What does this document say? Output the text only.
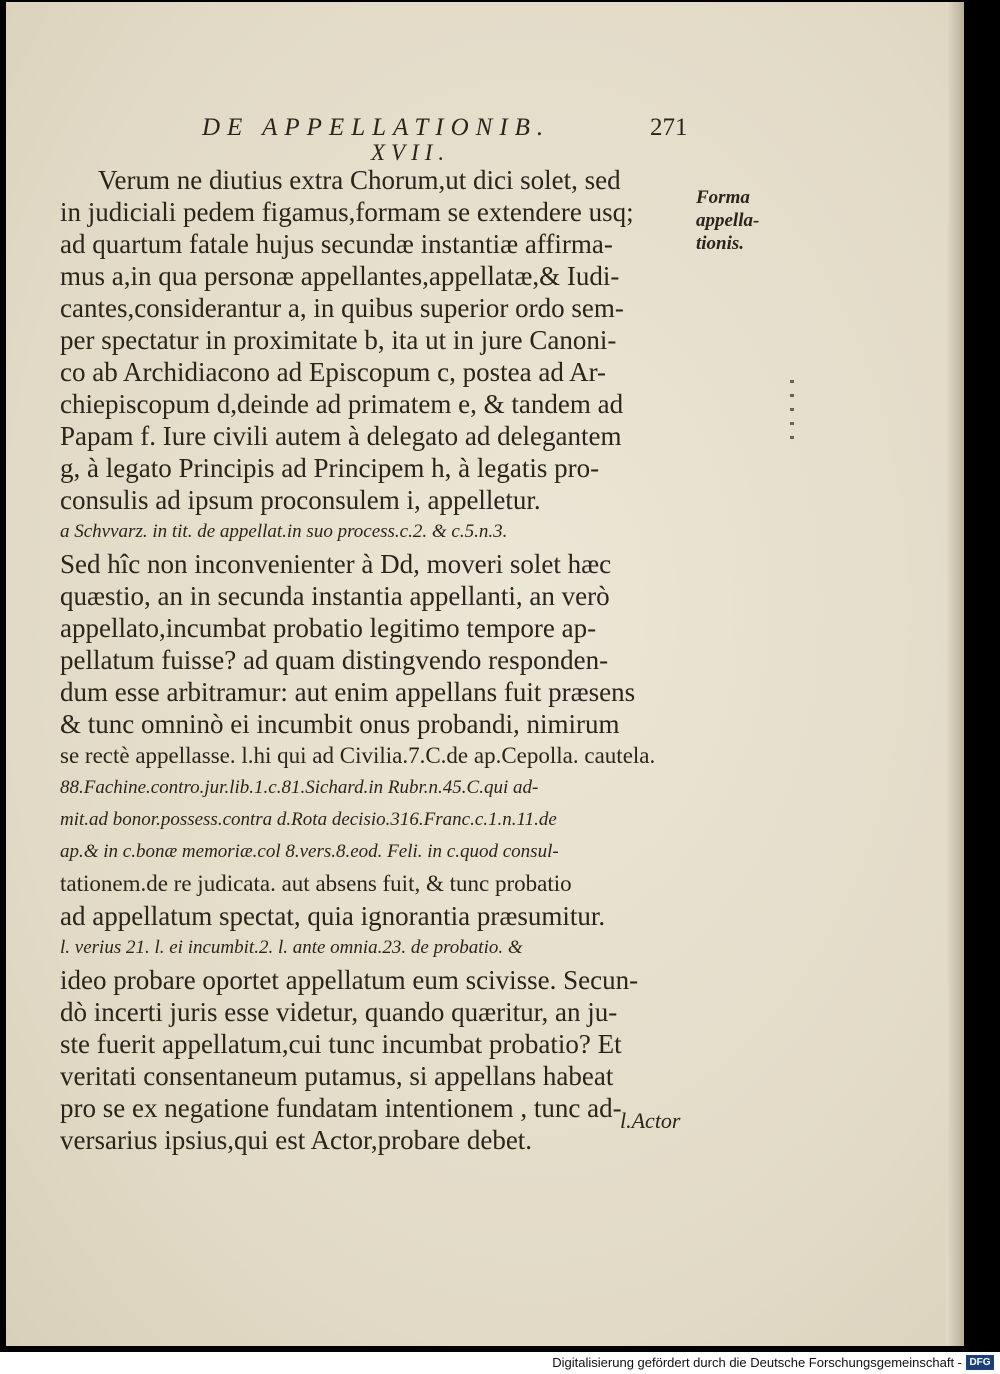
DE APPELLATIONIB.	271
XVII.
Forma
appella-
tionis.
Verum ne diutius extra Chorum,ut dici solet, sed
in judiciali pedem figamus,formam se extendere usq;
ad quartum fatale hujus secundæ instantiæ affirma-
mus a,in qua personæ appellantes,appellatæ,& Iudi-
cantes,considerantur a, in quibus superior ordo sem-
per spectatur in proximitate b, ita ut in jure Canoni-
co ab Archidiacono ad Episcopum c, postea ad Ar-
chiepiscopum d,deinde ad primatem e, & tandem ad
Papam f. Iure civili autem à delegato ad delegantem
g, à legato Principis ad Principem h, à legatis pro-
consulis ad ipsum proconsulem i, appelletur.
a Schvvarz. in tit. de appellat.in suo process.c.2. & c.5.n.3.
Sed hîc non inconvenienter à Dd, moveri solet hæc
quæstio, an in secunda instantia appellanti, an verò
appellato,incumbat probatio legitimo tempore ap-
pellatum fuisse? ad quam distingvendo responden-
dum esse arbitramur: aut enim appellans fuit præsens
& tunc omninò ei incumbit onus probandi, nimirum
se rectè appellasse. l.hi qui ad Civilia.7.C.de ap.Cepolla. cautela.
88.Fachine.contro.jur.lib.1.c.81.Sichard.in Rubr.n.45.C.qui ad-
mit.ad bonor.possess.contra d.Rota decisio.316.Franc.c.1.n.11.de
ap.& in c.bonæ memoriæ.col 8.vers.8.eod. Feli. in c.quod consul-
tationem.de re judicata. aut absens fuit, & tunc probatio
ad appellatum spectat, quia ignorantia præsumitur.
l. verius 21. l. ei incumbit.2. l. ante omnia.23. de probatio. &
ideo probare oportet appellatum eum scivisse. Secun-
dò incerti juris esse videtur, quando quæritur, an ju-
ste fuerit appellatum,cui tunc incumbat probatio? Et
veritati consentaneum putamus, si appellans habeat
pro se ex negatione fundatam intentionem , tunc ad-
versarius ipsius,qui est Actor,probare debet.
l.Actor
Digitalisierung gefördert durch die Deutsche Forschungsgemeinschaft - DFG
